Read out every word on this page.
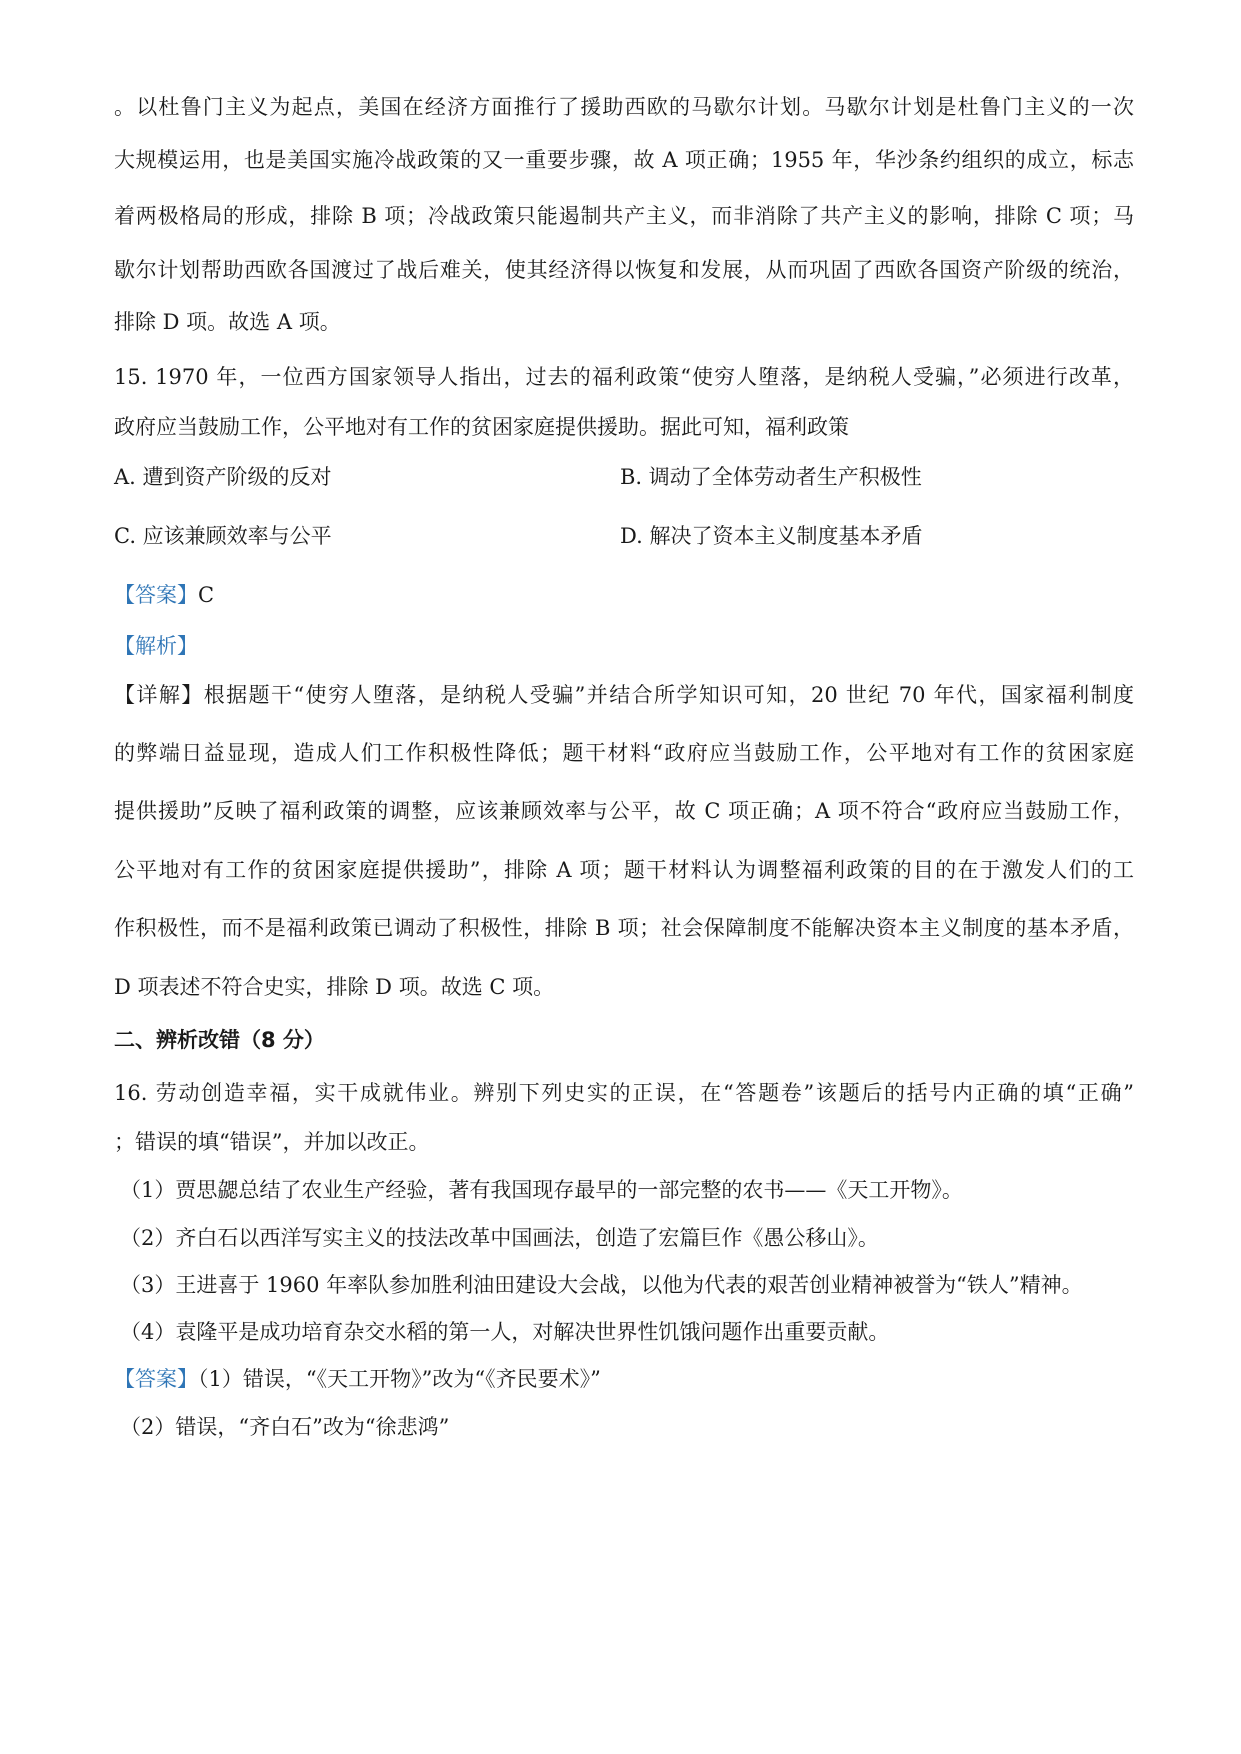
。以杜鲁门主义为起点，美国在经济方面推行了援助西欧的马歇尔计划。马歇尔计划是杜鲁门主义的一次
大规模运用，也是美国实施冷战政策的又一重要步骤，故 A 项正确；1955 年，华沙条约组织的成立，标志
着两极格局的形成，排除 B 项；冷战政策只能遏制共产主义，而非消除了共产主义的影响，排除 C 项；马
歇尔计划帮助西欧各国渡过了战后难关，使其经济得以恢复和发展，从而巩固了西欧各国资产阶级的统治，
排除 D 项。故选 A 项。
15. 1970 年，一位西方国家领导人指出，过去的福利政策“使穷人堕落，是纳税人受骗，”必须进行改革，
政府应当鼓励工作，公平地对有工作的贫困家庭提供援助。据此可知，福利政策
A. 遭到资产阶级的反对	B. 调动了全体劳动者生产积极性
C. 应该兼顾效率与公平	D. 解决了资本主义制度基本矛盾
【答案】C
【解析】
【详解】根据题干“使穷人堕落，是纳税人受骗”并结合所学知识可知，20 世纪 70 年代，国家福利制度
的弊端日益显现，造成人们工作积极性降低；题干材料“政府应当鼓励工作，公平地对有工作的贫困家庭
提供援助”反映了福利政策的调整，应该兼顾效率与公平，故 C 项正确；A 项不符合“政府应当鼓励工作，
公平地对有工作的贫困家庭提供援助”，排除 A 项；题干材料认为调整福利政策的目的在于激发人们的工
作积极性，而不是福利政策已调动了积极性，排除 B 项；社会保障制度不能解决资本主义制度的基本矛盾，
D 项表述不符合史实，排除 D 项。故选 C 项。
二、辨析改错（8 分）
16. 劳动创造幸福，实干成就伟业。辨别下列史实的正误，在“答题卷”该题后的括号内正确的填“正确”
；错误的填“错误”，并加以改正。
（1）贾思勰总结了农业生产经验，著有我国现存最早的一部完整的农书——《天工开物》。
（2）齐白石以西洋写实主义的技法改革中国画法，创造了宏篇巨作《愚公移山》。
（3）王进喜于 1960 年率队参加胜利油田建设大会战，以他为代表的艰苦创业精神被誉为“铁人”精神。
（4）袁隆平是成功培育杂交水稻的第一人，对解决世界性饥饿问题作出重要贡献。
【答案】（1）错误，“《天工开物》”改为“《齐民要术》”
（2）错误，“齐白石”改为“徐悲鸿”
